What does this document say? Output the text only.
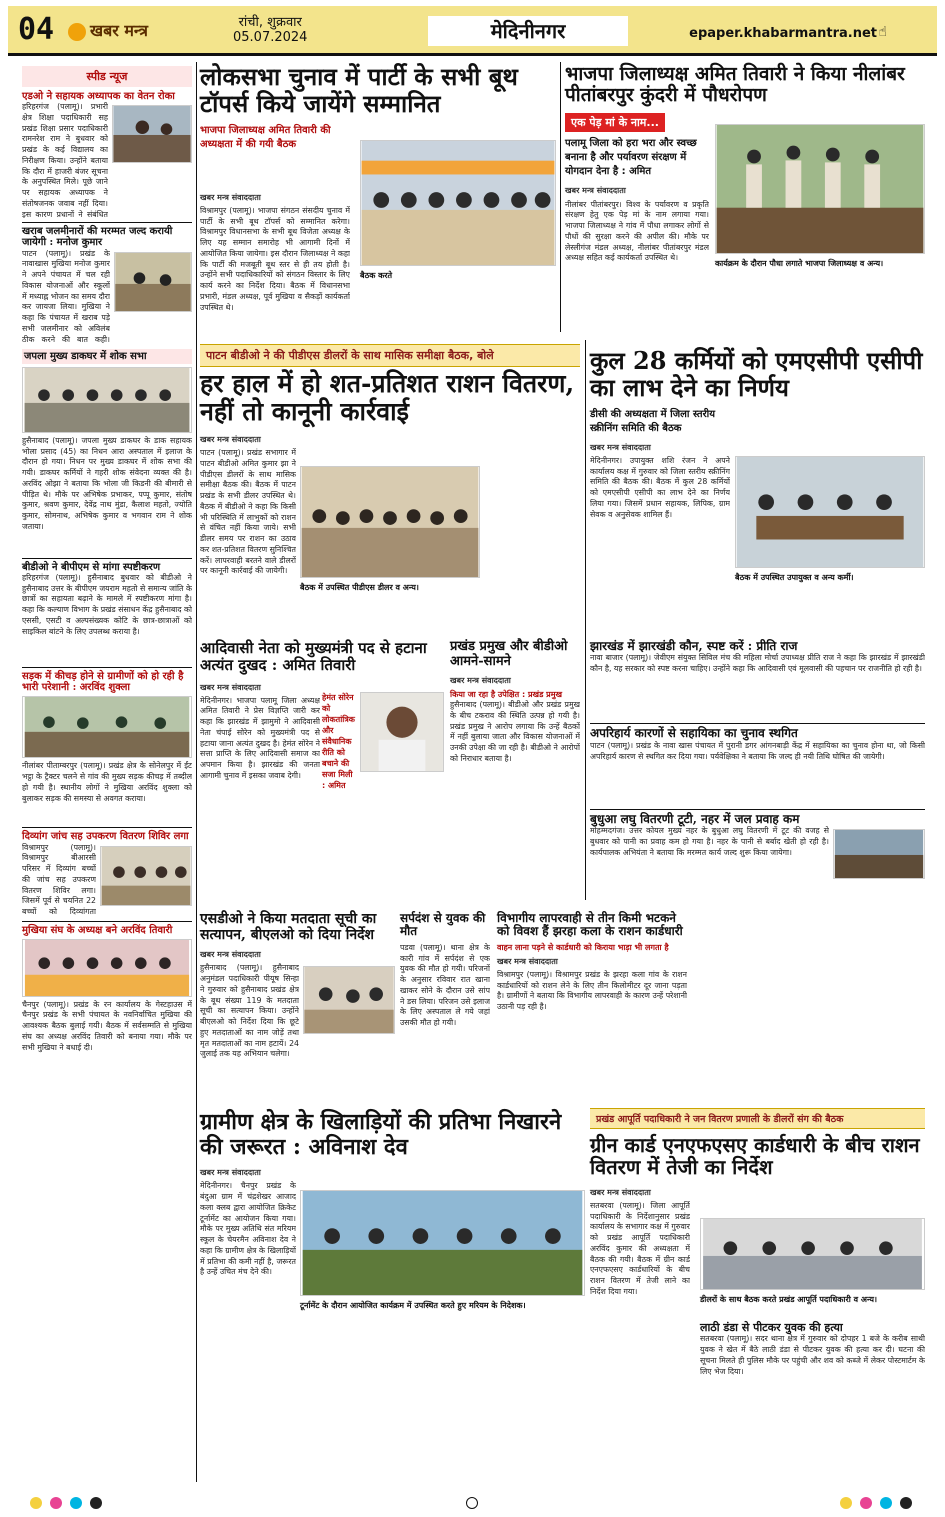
04	खबर मन्त्र	रांची, शुक्रवार
05.07.2024	मेदिनीनगर	epaper.khabarmantra.net ☝
स्पीड न्यूज
एडओ ने सहायक अध्यापक का वेतन रोका
हरिहरगंज (पलामू)। प्रभारी क्षेत्र शिक्षा पदाधिकारी सह प्रखंड शिक्षा प्रसार पदाधिकारी रामनरेश राम ने बुधवार को प्रखंड के कई विद्यालय का निरीक्षण किया। उन्होंने बताया कि दौरा में हाजरी बंजर सूचना के अनुपस्थित मिले। पूछे जाने पर सहायक अध्यापक ने संतोषजनक जवाब नहीं दिया। इस कारण प्रधानों ने संबंधित
खराब जलमीनारों की मरम्मत जल्द करायी जायेगी : मनोज कुमार
पाटन (पलामू)। प्रखंड के नावाखास मुखिया मनोज कुमार ने अपने पंचायत में चल रही विकास योजनाओं और स्कूलों में मध्याह्न भोजन का समय दौरा कर जायजा लिया। मुखिया ने कहा कि पंचायत में खराब पड़े सभी जलमीनार को अविलंब ठीक करने की बात कही।
जपला मुख्य डाकघर में शोक सभा
हुसैनाबाद (पलामू)। जपला मुख्य डाकघर के डाक सहायक भोला प्रसाद (45) का निधन आरा अस्पताल में इलाज के दौरान हो गया। निधन पर मुख्य डाकघर में शोक सभा की गयी। डाकघर कर्मियों ने गहरी शोक संवेदना व्यक्त की है। अरविंद ओझा ने बताया कि भोला जी किडनी की बीमारी से पीड़ित थे। मौके पर अभिषेक प्रभाकर, पप्पू कुमार, संतोष कुमार, श्रवण कुमार, देवेंद्र नाथ मुंडा, कैलाश महतो, ज्योति कुमार, सोमनाथ, अभिषेक कुमार व भगवान राम ने शोक जताया।
बीडीओ ने बीपीएम से मांगा स्पष्टीकरण
हरिहरगंज (पलामू)। हुसैनाबाद बुधवार को बीडीओ ने हुसैनाबाद उत्तर के बीपीएम जयराम महतो से समान्य जांति के छात्रों का सहायता बढ़ाने के मामले में स्पष्टीकरण मांगा है। कहा कि कल्याण विभाग के प्रखंड संसाधन केंद्र हुसैनाबाद को एससी, एसटी व अल्पसंख्यक कोटि के छात्र-छात्राओं को साइकिल बांटने के लिए उपलब्ध कराया है।
सड़क में कीचड़ होने से ग्रामीणों को हो रही है भारी परेशानी : अरविंद शुक्ला
नीलांबर पीताम्बरपुर (पलामू)। प्रखंड क्षेत्र के सोनेलपुर में ईंट भट्ठा के ट्रैक्टर चलने से गांव की मुख्य सड़क कीचड़ में तब्दील हो गयी है। स्थानीय लोगों ने मुखिया अरविंद शुक्ला को बुलाकर सड़क की समस्या से अवगत कराया।
दिव्यांग जांच सह उपकरण वितरण शिविर लगा
विश्रामपुर (पलामू)। विश्रामपुर बीआरसी परिसर में दिव्यांग बच्चों की जांच सह उपकरण वितरण शिविर लगा। जिसमें पूर्व से चयनित 22 बच्चों को दिव्यांगता
मुखिया संघ के अध्यक्ष बने अरविंद तिवारी
चैनपुर (पलामू)। प्रखंड के रन कार्यालय के गेस्टहाउस में चैनपुर प्रखंड के सभी पंचायत के नवनिर्वाचित मुखिया की आवश्यक बैठक बुलाई गयी। बैठक में सर्वसम्मति से मुखिया संघ का अध्यक्ष अरविंद तिवारी को बनाया गया। मौके पर सभी मुखिया ने बधाई दी।
लोकसभा चुनाव में पार्टी के सभी बूथ टॉपर्स किये जायेंगे सम्मानित
भाजपा जिलाध्यक्ष अमित तिवारी की अध्यक्षता में की गयी बैठक
खबर मन्त्र संवाददाता
विश्रामपुर (पलामू)। भाजपा संगठन संसदीय चुनाव में पार्टी के सभी बूथ टॉपर्स को सम्मानित करेगा। विश्रामपुर विधानसभा के सभी बूथ विजेता अध्यक्ष के लिए यह सम्मान समारोह भी आगामी दिनों में आयोजित किया जायेगा। इस दौरान जिलाध्यक्ष ने कहा कि पार्टी की मजबूती बूथ स्तर से ही तय होती है। उन्होंने सभी पदाधिकारियों को संगठन विस्तार के लिए कार्य करने का निर्देश दिया। बैठक में विधानसभा प्रभारी, मंडल अध्यक्ष, पूर्व मुखिया व सैकड़ों कार्यकर्ता उपस्थित थे।
बैठक करते
भाजपा जिलाध्यक्ष अमित तिवारी ने किया नीलांबर पीतांबरपुर कुंदरी में पौधरोपण
एक पेड़ मां के नाम...
पलामू जिला को हरा भरा और स्वच्छ बनाना है और पर्यावरण संरक्षण में योगदान देना है : अमित
कार्यक्रम के दौरान पौधा लगाते भाजपा जिलाध्यक्ष व अन्य।
खबर मन्त्र संवाददाता
नीलांबर पीतांबरपुर। विश्व के पर्यावरण व प्रकृति संरक्षण हेतु एक पेड़ मां के नाम लगाया गया। भाजपा जिलाध्यक्ष ने गांव में पौधा लगाकर लोगों से पौधों की सुरक्षा करने की अपील की। मौके पर लेस्लीगंज मंडल अध्यक्ष, नीलांबर पीतांबरपुर मंडल अध्यक्ष सहित कई कार्यकर्ता उपस्थित थे।
पाटन बीडीओ ने की पीडीएस डीलरों के साथ मासिक समीक्षा बैठक, बोले
हर हाल में हो शत-प्रतिशत राशन वितरण, नहीं तो कानूनी कार्रवाई
खबर मन्त्र संवाददाता
बैठक में उपस्थित पीडीएस डीलर व अन्य।
पाटन (पलामू)। प्रखंड सभागार में पाटन बीडीओ अमित कुमार झा ने पीडीएस डीलरों के साथ मासिक समीक्षा बैठक की। बैठक में पाटन प्रखंड के सभी डीलर उपस्थित थे। बैठक में बीडीओ ने कहा कि किसी भी परिस्थिति में लाभुकों को राशन से वंचित नहीं किया जाये। सभी डीलर समय पर राशन का उठाव कर शत-प्रतिशत वितरण सुनिश्चित करें। लापरवाही बरतने वाले डीलरों पर कानूनी कार्रवाई की जायेगी।
कुल 28 कर्मियों को एमएसीपी एसीपी का लाभ देने का निर्णय
डीसी की अध्यक्षता में जिला स्तरीय स्क्रीनिंग समिति की बैठक
खबर मन्त्र संवाददाता
मेदिनीनगर। उपायुक्त शशि रंजन ने अपने कार्यालय कक्ष में गुरुवार को जिला स्तरीय स्क्रीनिंग समिति की बैठक की। बैठक में कुल 28 कर्मियों को एमएसीपी एसीपी का लाभ देने का निर्णय लिया गया। जिसमें प्रधान सहायक, लिपिक, ग्राम सेवक व अनुसेवक शामिल हैं।
बैठक में उपस्थित उपायुक्त व अन्य कर्मी।
आदिवासी नेता को मुख्यमंत्री पद से हटाना अत्यंत दुखद : अमित तिवारी
खबर मन्त्र संवाददाता
हेमंत सोरेन को लोकतांत्रिक और संवैधानिक रीति को बचाने की सजा मिली : अमित
मेदिनीनगर। भाजपा पलामू जिला अध्यक्ष अमित तिवारी ने प्रेस विज्ञप्ति जारी कर कहा कि झारखंड में झामुमो ने आदिवासी नेता चंपाई सोरेन को मुख्यमंत्री पद से हटाया जाना अत्यंत दुखद है। हेमंत सोरेन ने सत्ता प्राप्ति के लिए आदिवासी समाज का अपमान किया है। झारखंड की जनता आगामी चुनाव में इसका जवाब देगी।
प्रखंड प्रमुख और बीडीओ आमने-सामने
खबर मन्त्र संवाददाता
किया जा रहा है उपेक्षित : प्रखंड प्रमुख
हुसैनाबाद (पलामू)। बीडीओ और प्रखंड प्रमुख के बीच टकराव की स्थिति उत्पन्न हो गयी है। प्रखंड प्रमुख ने आरोप लगाया कि उन्हें बैठकों में नहीं बुलाया जाता और विकास योजनाओं में उनकी उपेक्षा की जा रही है। बीडीओ ने आरोपों को निराधार बताया है।
झारखंड में झारखंडी कौन, स्पष्ट करें : प्रीति राज
नावा बाजार (पलामू)। जेवीएम संयुक्त सिविल मंच की महिला मोर्चा उपाध्यक्ष प्रीति राज ने कहा कि झारखंड में झारखंडी कौन है, यह सरकार को स्पष्ट करना चाहिए। उन्होंने कहा कि आदिवासी एवं मूलवासी की पहचान पर राजनीति हो रही है।
अपरिहार्य कारणों से सहायिका का चुनाव स्थगित
पाटन (पलामू)। प्रखंड के नावा खास पंचायत में पुरानी डगर आंगनबाड़ी केंद्र में सहायिका का चुनाव होना था, जो किसी अपरिहार्य कारण से स्थगित कर दिया गया। पर्यवेक्षिका ने बताया कि जल्द ही नयी तिथि घोषित की जायेगी।
बुधुआ लघु वितरणी टूटी, नहर में जल प्रवाह कम
मोहम्मदगंज। उत्तर कोयल मुख्य नहर के बुधुआ लघु वितरणी में टूट की वजह से बुधवार को पानी का प्रवाह कम हो गया है। नहर के पानी से बर्बाद खेती हो रही है। कार्यपालक अभियंता ने बताया कि मरम्मत कार्य जल्द शुरू किया जायेगा।
एसडीओ ने किया मतदाता सूची का सत्यापन, बीएलओ को दिया निर्देश
खबर मन्त्र संवाददाता
हुसैनाबाद (पलामू)। हुसैनाबाद अनुमंडल पदाधिकारी पीयूष सिन्हा ने गुरुवार को हुसैनाबाद प्रखंड क्षेत्र के बूथ संख्या 119 के मतदाता सूची का सत्यापन किया। उन्होंने बीएलओ को निर्देश दिया कि छूटे हुए मतदाताओं का नाम जोड़ें तथा मृत मतदाताओं का नाम हटायें। 24 जुलाई तक यह अभियान चलेगा।
सर्पदंश से युवक की मौत
पडवा (पलामू)। थाना क्षेत्र के कारी गांव में सर्पदंश से एक युवक की मौत हो गयी। परिजनों के अनुसार रविवार रात खाना खाकर सोने के दौरान उसे सांप ने डस लिया। परिजन उसे इलाज के लिए अस्पताल ले गये जहां उसकी मौत हो गयी।
विभागीय लापरवाही से तीन किमी भटकने को विवश हैं झरहा कला के राशन कार्डधारी
वाहन लाना पड़ने से कार्डधारी को किराया भाड़ा भी लगता है
खबर मन्त्र संवाददाता
विश्रामपुर (पलामू)। विश्रामपुर प्रखंड के झरहा कला गांव के राशन कार्डधारियों को राशन लेने के लिए तीन किलोमीटर दूर जाना पड़ता है। ग्रामीणों ने बताया कि विभागीय लापरवाही के कारण उन्हें परेशानी उठानी पड़ रही है।
ग्रामीण क्षेत्र के खिलाड़ियों की प्रतिभा निखारने की जरूरत : अविनाश देव
खबर मन्त्र संवाददाता
टूर्नामेंट के दौरान आयोजित कार्यक्रम में उपस्थित करते हुए मरियम के निदेशक।
मेदिनीनगर। चैनपुर प्रखंड के बंदुआ ग्राम में चंद्रशेखर आजाद कला क्लब द्वारा आयोजित क्रिकेट टूर्नामेंट का आयोजन किया गया। मौके पर मुख्य अतिथि संत मरियम स्कूल के चेयरमैन अविनाश देव ने कहा कि ग्रामीण क्षेत्र के खिलाड़ियों में प्रतिभा की कमी नहीं है, जरूरत है उन्हें उचित मंच देने की।
प्रखंड आपूर्ति पदाधिकारी ने जन वितरण प्रणाली के डीलरों संग की बैठक
ग्रीन कार्ड एनएफएसए कार्डधारी के बीच राशन वितरण में तेजी का निर्देश
खबर मन्त्र संवाददाता
सतबरवा (पलामू)। जिला आपूर्ति पदाधिकारी के निर्देशानुसार प्रखंड कार्यालय के सभागार कक्ष में गुरुवार को प्रखंड आपूर्ति पदाधिकारी अरविंद कुमार की अध्यक्षता में बैठक की गयी। बैठक में ग्रीन कार्ड एनएफएसए कार्डधारियों के बीच राशन वितरण में तेजी लाने का निर्देश दिया गया।
डीलरों के साथ बैठक करते प्रखंड आपूर्ति पदाधिकारी व अन्य।
लाठी डंडा से पीटकर युवक की हत्या
सतबरवा (पलामू)। सदर थाना क्षेत्र में गुरुवार को दोपहर 1 बजे के करीब साथी युवक ने खेत में बैठे लाठी डंडा से पीटकर युवक की हत्या कर दी। घटना की सूचना मिलते ही पुलिस मौके पर पहुंची और शव को कब्जे में लेकर पोस्टमार्टम के लिए भेज दिया।
